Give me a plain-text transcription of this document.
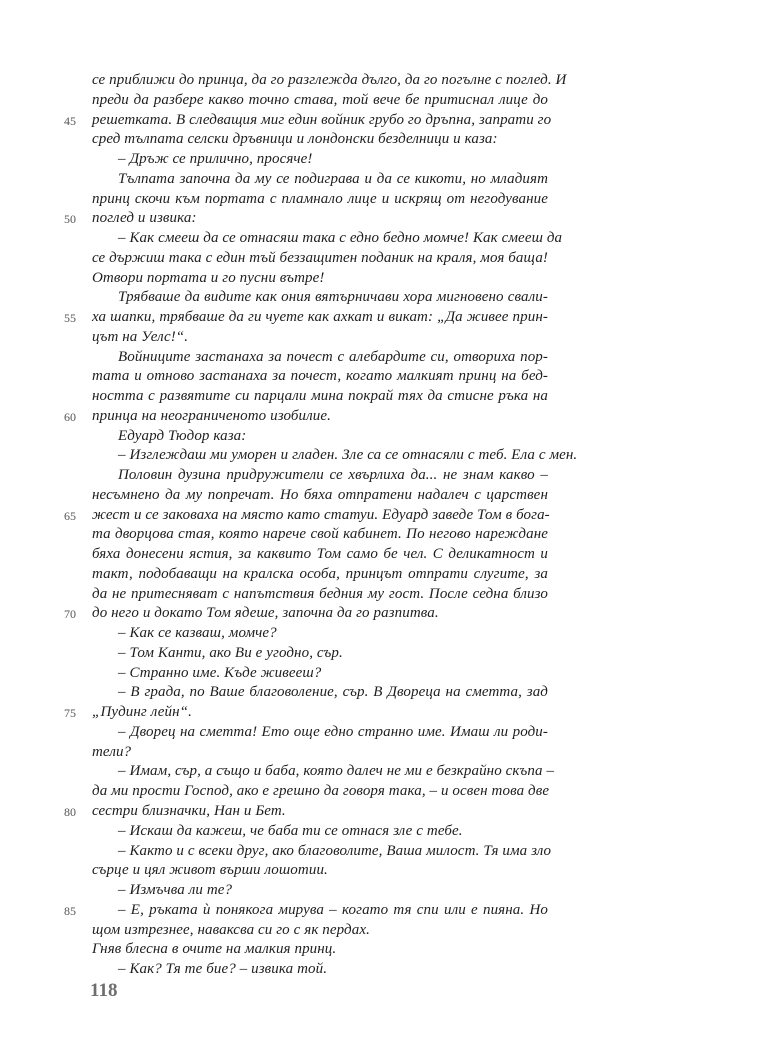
се приближи до принца, да го разглежда дълго, да го погълне с поглед. И
преди да разбере какво точно става, той вече бе притиснал лице до
решетката. В следващия миг един войник грубо го дръпна, запрати го
сред тълпата селски дръвници и лондонски безделници и каза:
– Дръж се прилично, просяче!
Тълпата започна да му се подиграва и да се кикоти, но младият
принц скочи към портата с пламнало лице и искрящ от негодувание
поглед и извика:
– Как смееш да се отнасяш така с едно бедно момче! Как смееш да
се държиш така с един тъй беззащитен поданик на краля, моя баща!
Отвори портата и го пусни вътре!
Трябваше да видите как ония вятърничави хора мигновено свали-
ха шапки, трябваше да ги чуете как ахкат и викат: „Да живее прин-
цът на Уелс!“.
Войниците застанаха за почест с алебардите си, отвориха пор-
тата и отново застанаха за почест, когато малкият принц на бед-
ността с развятите си парцали мина покрай тях да стисне ръка на
принца на неограниченото изобилие.
Едуард Тюдор каза:
– Изглеждаш ми уморен и гладен. Зле са се отнасяли с теб. Ела с мен.
Половин дузина придружители се хвърлиха да... не знам какво –
несъмнено да му попречат. Но бяха отпратени надалеч с царствен
жест и се заковаха на място като статуи. Едуард заведе Том в бога-
та дворцова стая, която нарече свой кабинет. По негово нареждане
бяха донесени ястия, за каквито Том само бе чел. С деликатност и
такт, подобаващи на кралска особа, принцът отпрати слугите, за
да не притесняват с напътствия бедния му гост. После седна близо
до него и докато Том ядеше, започна да го разпитва.
– Как се казваш, момче?
– Том Канти, ако Ви е угодно, сър.
– Странно име. Къде живееш?
– В града, по Ваше благоволение, сър. В Двореца на сметта, зад
„Пудинг лейн“.
– Дворец на сметта! Ето още едно странно име. Имаш ли роди-
тели?
– Имам, сър, а също и баба, която далеч не ми е безкрайно скъпа –
да ми прости Господ, ако е грешно да говоря така, – и освен това две
сестри близначки, Нан и Бет.
– Искаш да кажеш, че баба ти се отнася зле с тебе.
– Както и с всеки друг, ако благоволите, Ваша милост. Тя има зло
сърце и цял живот върши лошотии.
– Измъчва ли те?
– Е, ръката ѝ понякога мирува – когато тя спи или е пияна. Но
щом изтрезнее, наваксва си го с як пердах.
Гняв блесна в очите на малкия принц.
– Как? Тя те бие? – извика той.
45
50
55
60
65
70
75
80
85
118
